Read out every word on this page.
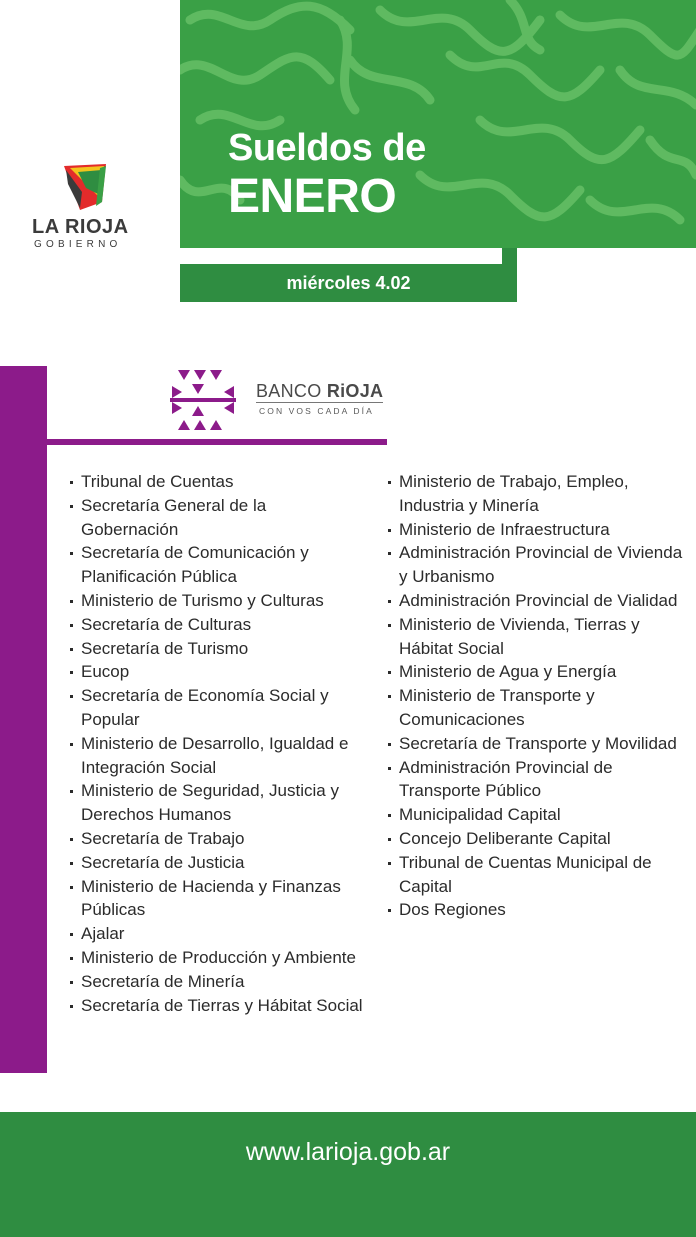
Sueldos de
ENERO
miércoles 4.02
LA RIOJA
GOBIERNO
BANCO RiOJA
CON VOS CADA DÍA
Tribunal de Cuentas
Secretaría General de la Gobernación
Secretaría de Comunicación y Planificación Pública
Ministerio de Turismo y Culturas
Secretaría de Culturas
Secretaría de Turismo
Eucop
Secretaría de Economía Social y Popular
Ministerio de Desarrollo, Igualdad e Integración Social
Ministerio de Seguridad, Justicia y Derechos Humanos
Secretaría de Trabajo
Secretaría de Justicia
Ministerio de Hacienda y Finanzas Públicas
Ajalar
Ministerio de Producción y Ambiente
Secretaría de Minería
Secretaría de Tierras y Hábitat Social
Ministerio de Trabajo, Empleo, Industria y Minería
Ministerio de Infraestructura
Administración Provincial de Vivienda y Urbanismo
Administración Provincial de Vialidad
Ministerio de Vivienda, Tierras y Hábitat Social
Ministerio de Agua y Energía
Ministerio de Transporte y Comunicaciones
Secretaría de Transporte y Movilidad
Administración Provincial de Transporte Público
Municipalidad Capital
Concejo Deliberante Capital
Tribunal de Cuentas Municipal de Capital
Dos Regiones
www.larioja.gob.ar
